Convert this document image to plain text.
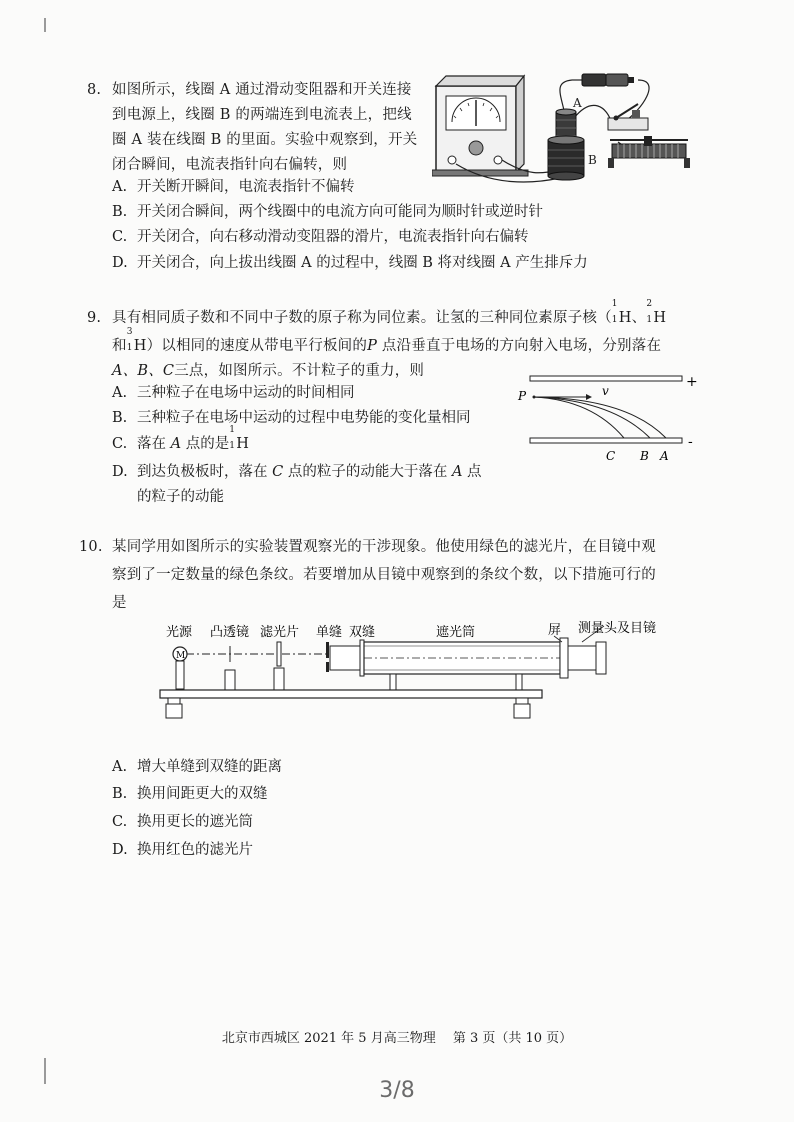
8. 如图所示，线圈 A 通过滑动变阻器和开关连接
到电源上，线圈 B 的两端连到电流表上，把线
圈 A 装在线圈 B 的里面。实验中观察到，开关
闭合瞬间，电流表指针向右偏转，则
A. 开关断开瞬间，电流表指针不偏转
B. 开关闭合瞬间，两个线圈中的电流方向可能同为顺时针或逆时针
C. 开关闭合，向右移动滑动变阻器的滑片，电流表指针向右偏转
D. 开关闭合，向上拔出线圈 A 的过程中，线圈 B 将对线圈 A 产生排斥力
A
B
9. 具有相同质子数和不同中子数的原子称为同位素。让氢的三种同位素原子核（
1
1 H、
2
1 H
和
3
1 H）以相同的速度从带电平行板间的P 点沿垂直于电场的方向射入电场，分别落在
A、B、C三点，如图所示。不计粒子的重力，则
A. 三种粒子在电场中运动的时间相同
B. 三种粒子在电场中运动的过程中电势能的变化量相同
C. 落在 A 点的是
1
1 H
D. 到达负极板时，落在 C 点的粒子的动能大于落在 A 点
的粒子的动能
+
-
P	v
C B A
10. 某同学用如图所示的实验装置观察光的干涉现象。他使用绿色的滤光片，在目镜中观
察到了一定数量的绿色条纹。若要增加从目镜中观察到的条纹个数，以下措施可行的
是
光源 凸透镜 滤光片 单缝 双缝	遮光筒	屏 测量头及目镜
M
A. 增大单缝到双缝的距离
B. 换用间距更大的双缝
C. 换用更长的遮光筒
D. 换用红色的滤光片
北京市西城区 2021 年 5 月高三物理　 第 3 页（共 10 页）
3/8
